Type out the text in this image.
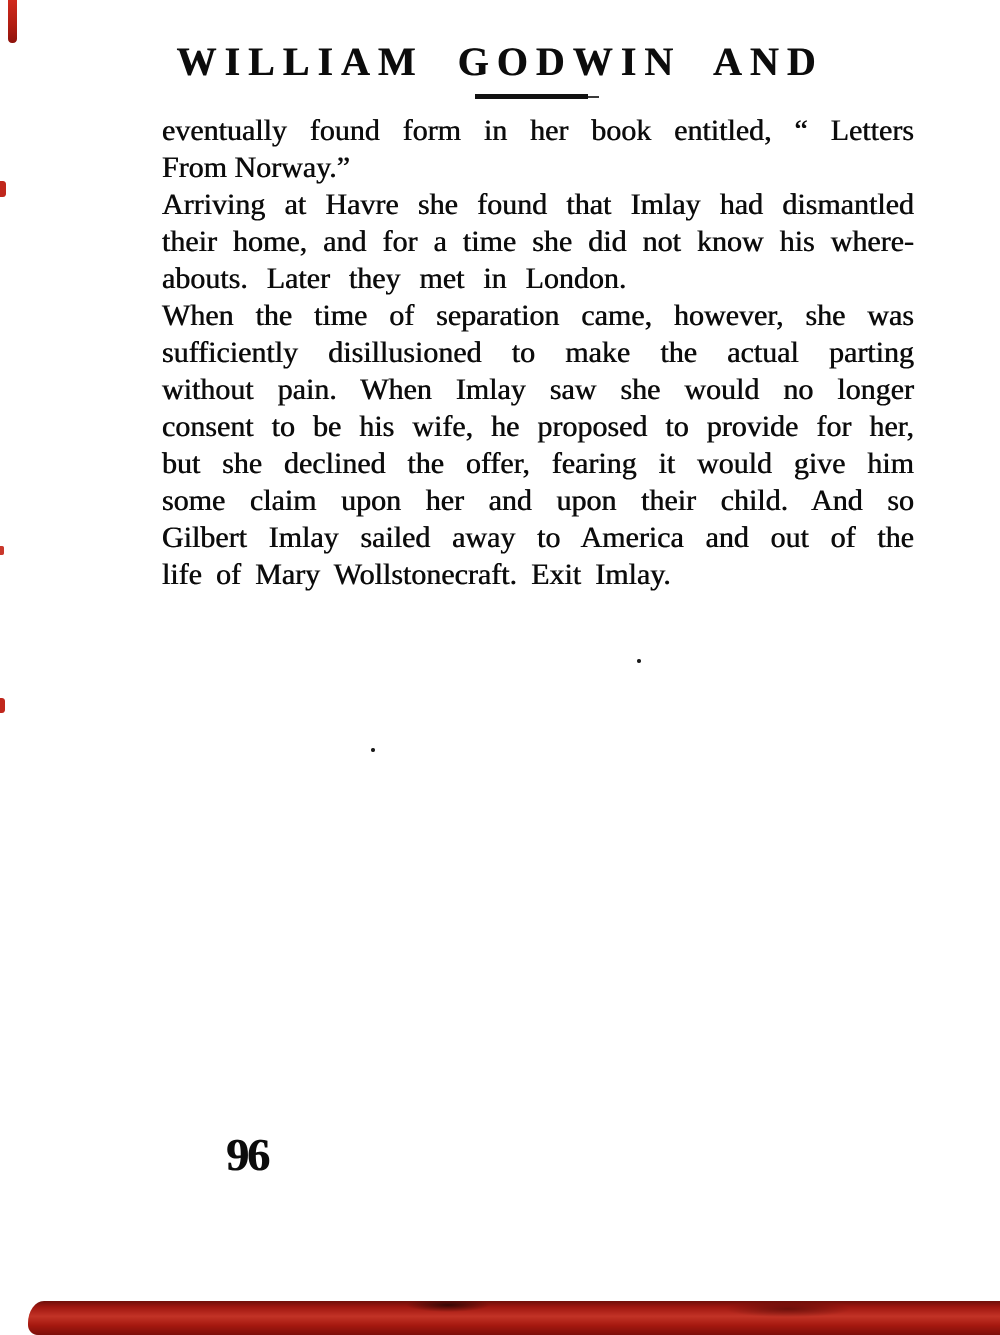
WILLIAM GODWIN AND
eventually found form in her book entitled, “ Letters
From Norway.”
Arriving at Havre she found that Imlay had dismantled
their home, and for a time she did not know his where-
abouts. Later they met in London.
When the time of separation came, however, she was
sufficiently disillusioned to make the actual parting
without pain. When Imlay saw she would no longer
consent to be his wife, he proposed to provide for her,
but she declined the offer, fearing it would give him
some claim upon her and upon their child. And so
Gilbert Imlay sailed away to America and out of the
life of Mary Wollstonecraft. Exit Imlay.
96
